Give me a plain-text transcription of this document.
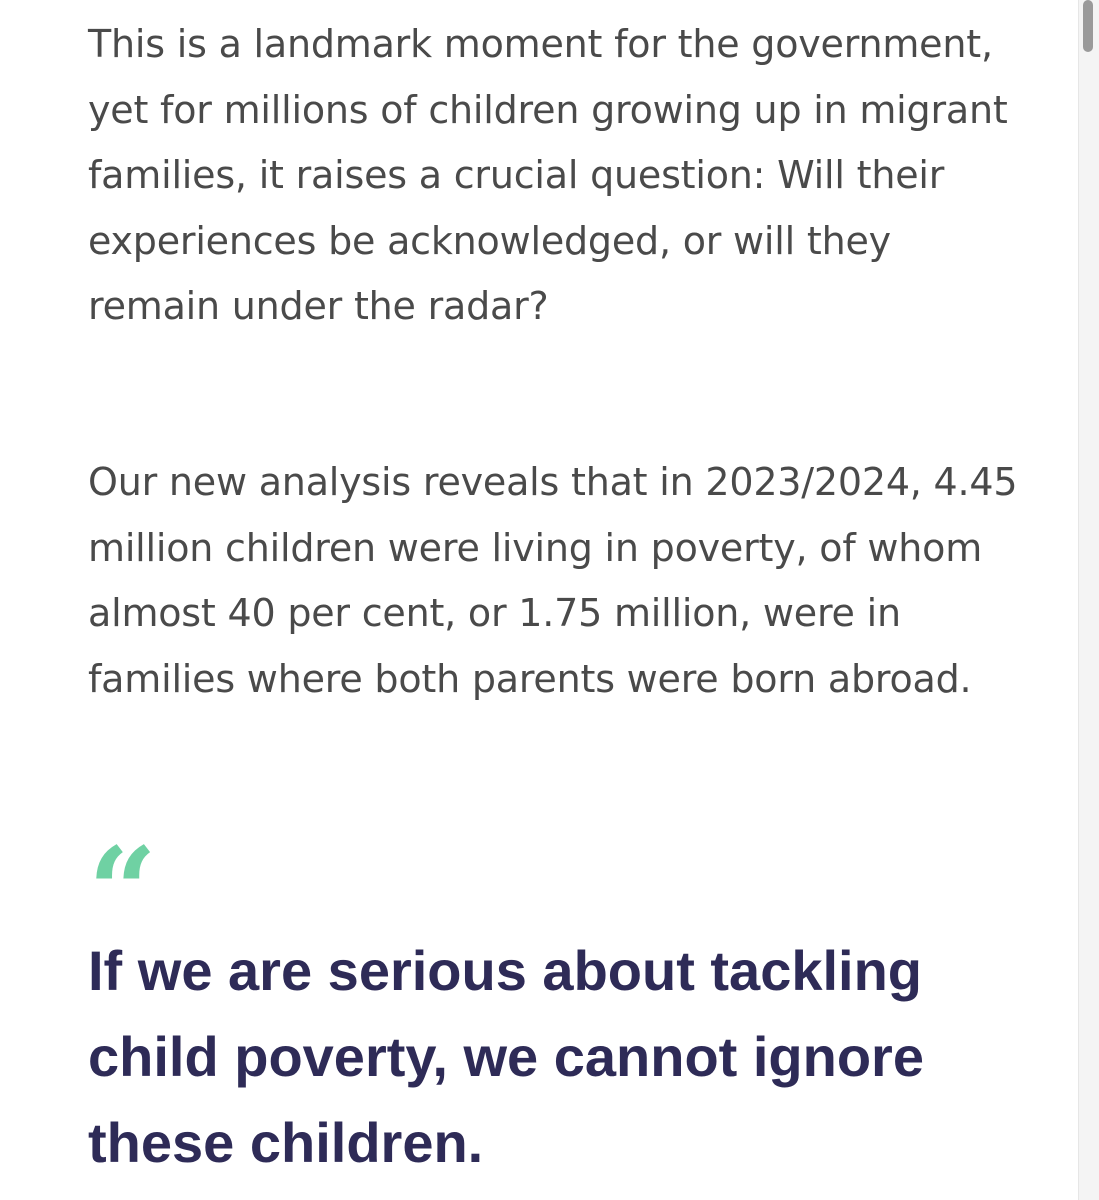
This is a landmark moment for the government, yet for millions of children growing up in migrant families, it raises a crucial question: Will their experiences be acknowledged, or will they remain under the radar?

Our new analysis reveals that in 2023/2024, 4.45 million children were living in poverty, of whom almost 40 per cent, or 1.75 million, were in families where both parents were born abroad.

“
If we are serious about tackling child poverty, we cannot ignore these children.
